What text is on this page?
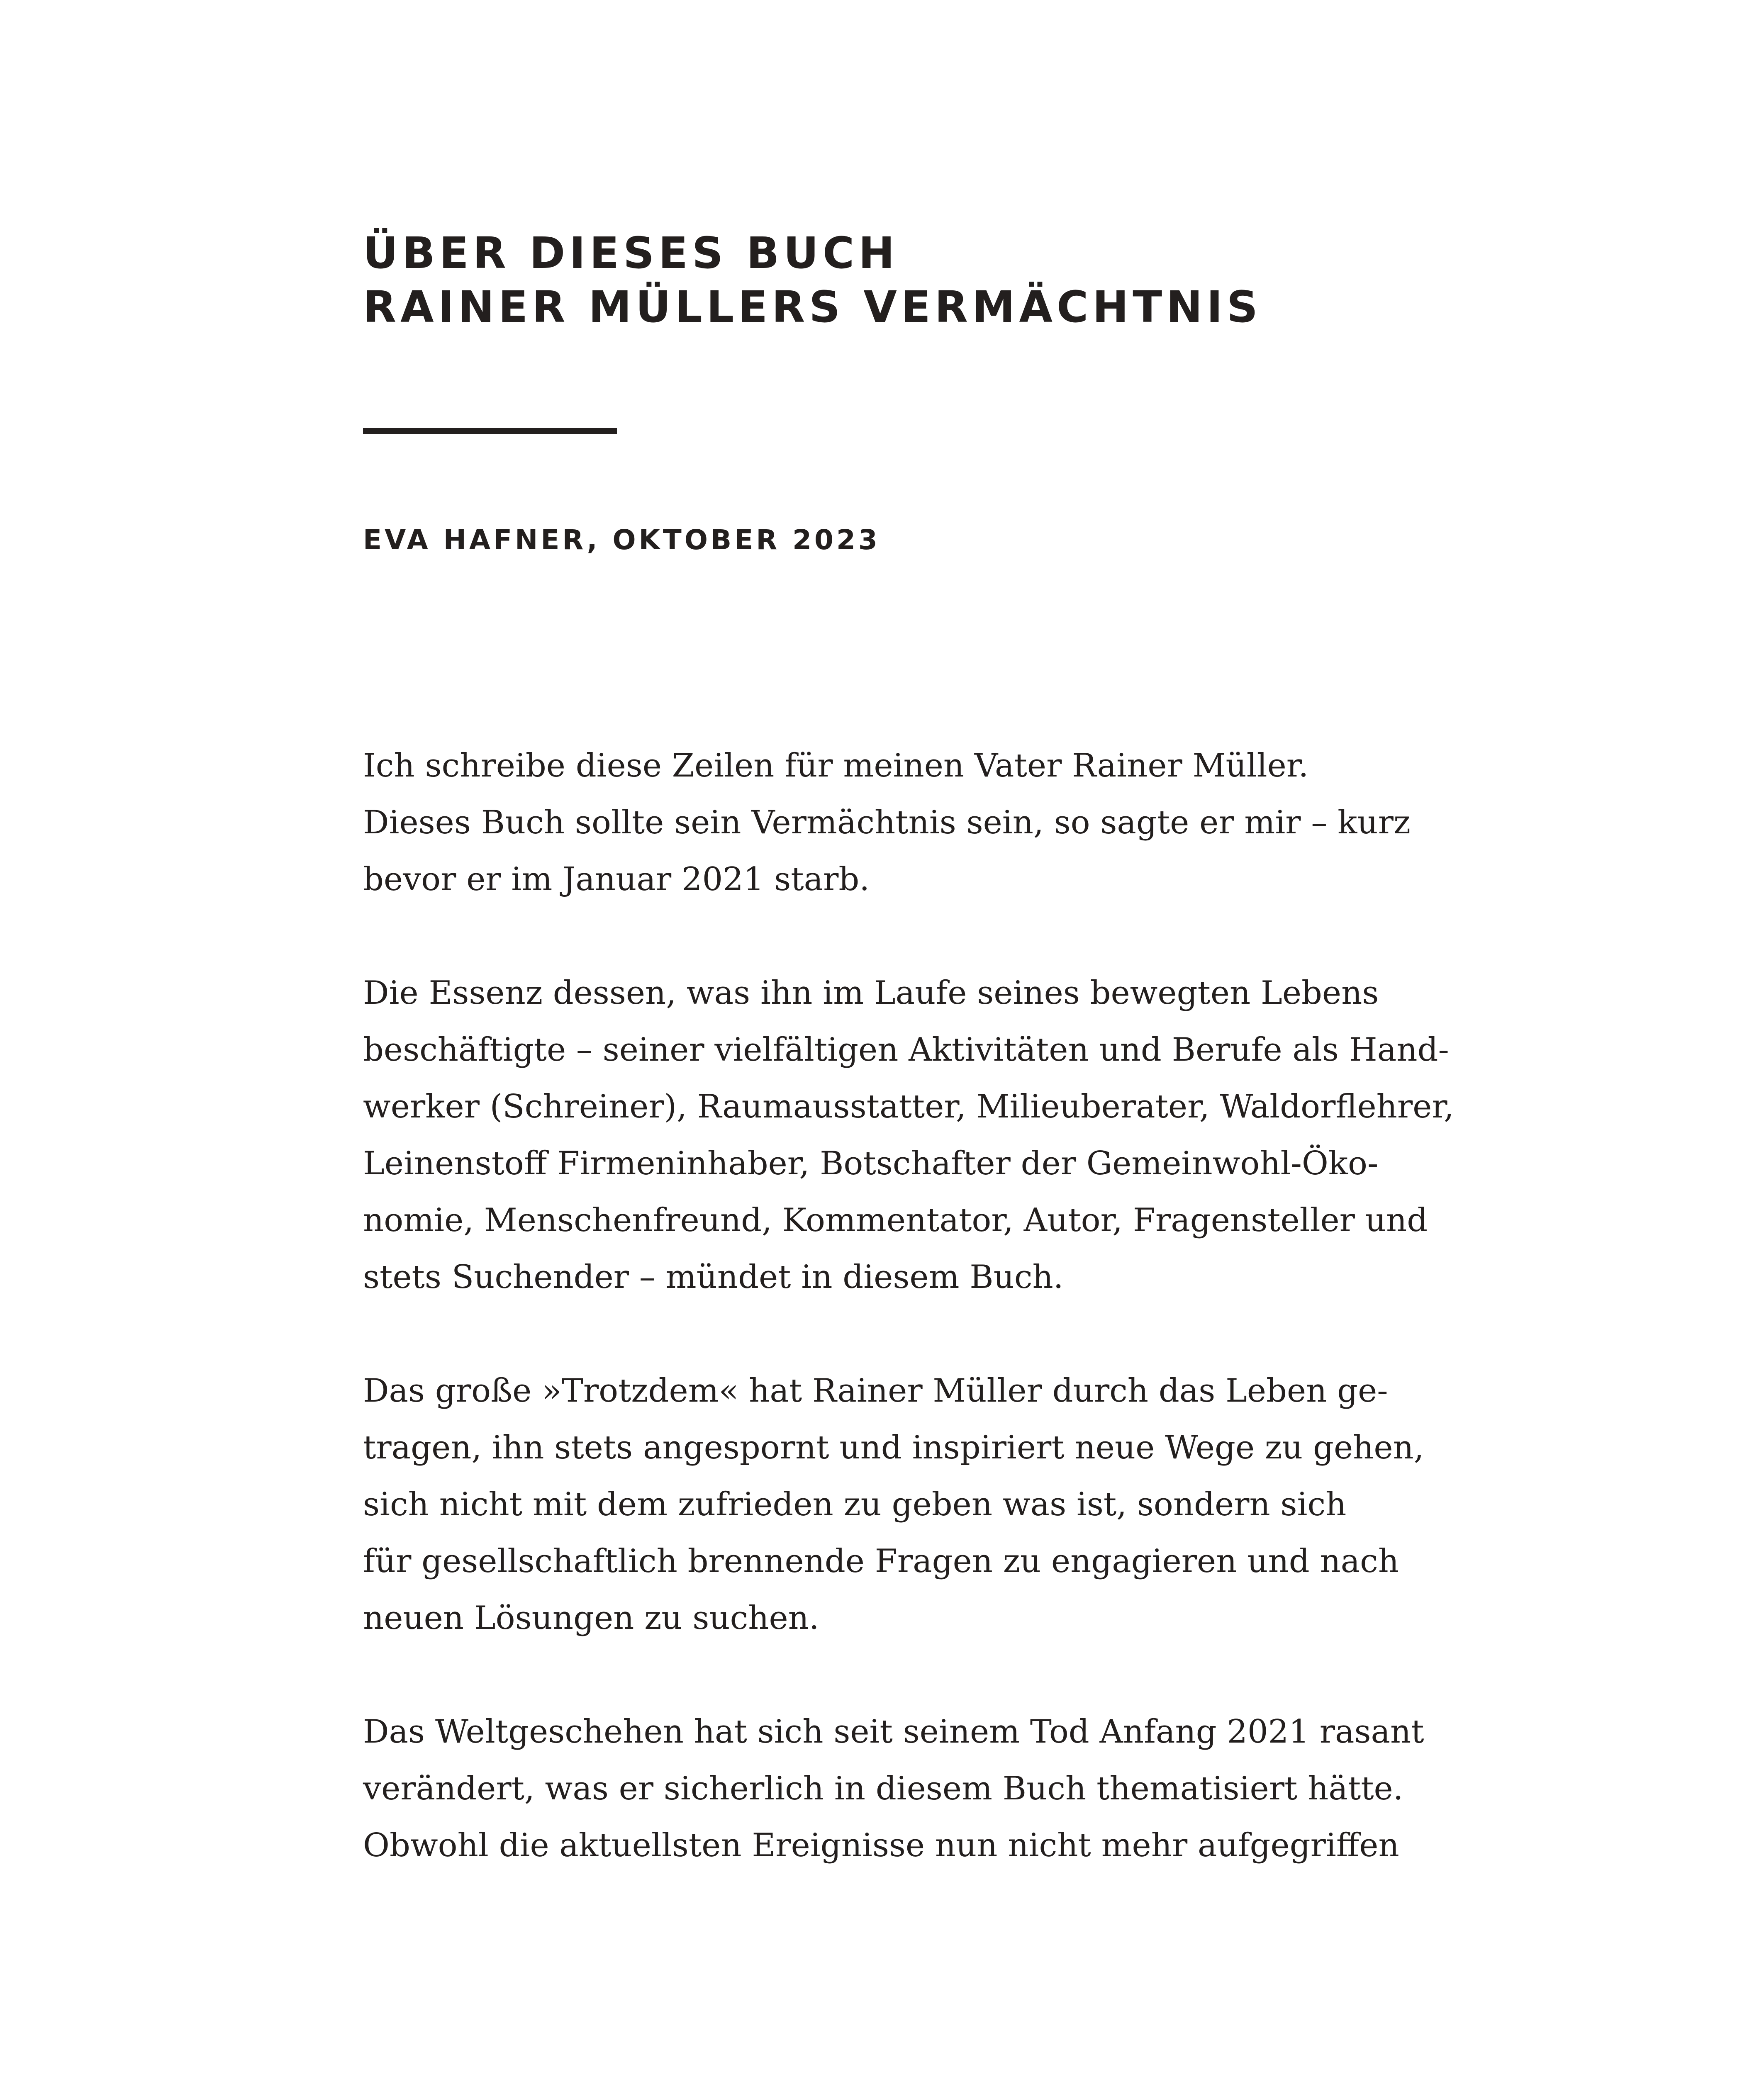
ÜBER DIESES BUCH
RAINER MÜLLERS VERMÄCHTNIS

EVA HAFNER, OKTOBER 2023

Ich schreibe diese Zeilen für meinen Vater Rainer Müller.
Dieses Buch sollte sein Vermächtnis sein, so sagte er mir – kurz
bevor er im Januar 2021 starb.

Die Essenz dessen, was ihn im Laufe seines bewegten Lebens
beschäftigte – seiner vielfältigen Aktivitäten und Berufe als Hand-
werker (Schreiner), Raumausstatter, Milieuberater, Waldorflehrer,
Leinenstoff Firmeninhaber, Botschafter der Gemeinwohl-Öko-
nomie, Menschenfreund, Kommentator, Autor, Fragensteller und
stets Suchender – mündet in diesem Buch.

Das große »Trotzdem« hat Rainer Müller durch das Leben ge-
tragen, ihn stets angespornt und inspiriert neue Wege zu gehen,
sich nicht mit dem zufrieden zu geben was ist, sondern sich
für gesellschaftlich brennende Fragen zu engagieren und nach
neuen Lösungen zu suchen.

Das Weltgeschehen hat sich seit seinem Tod Anfang 2021 rasant
verändert, was er sicherlich in diesem Buch thematisiert hätte.
Obwohl die aktuellsten Ereignisse nun nicht mehr aufgegriffen
